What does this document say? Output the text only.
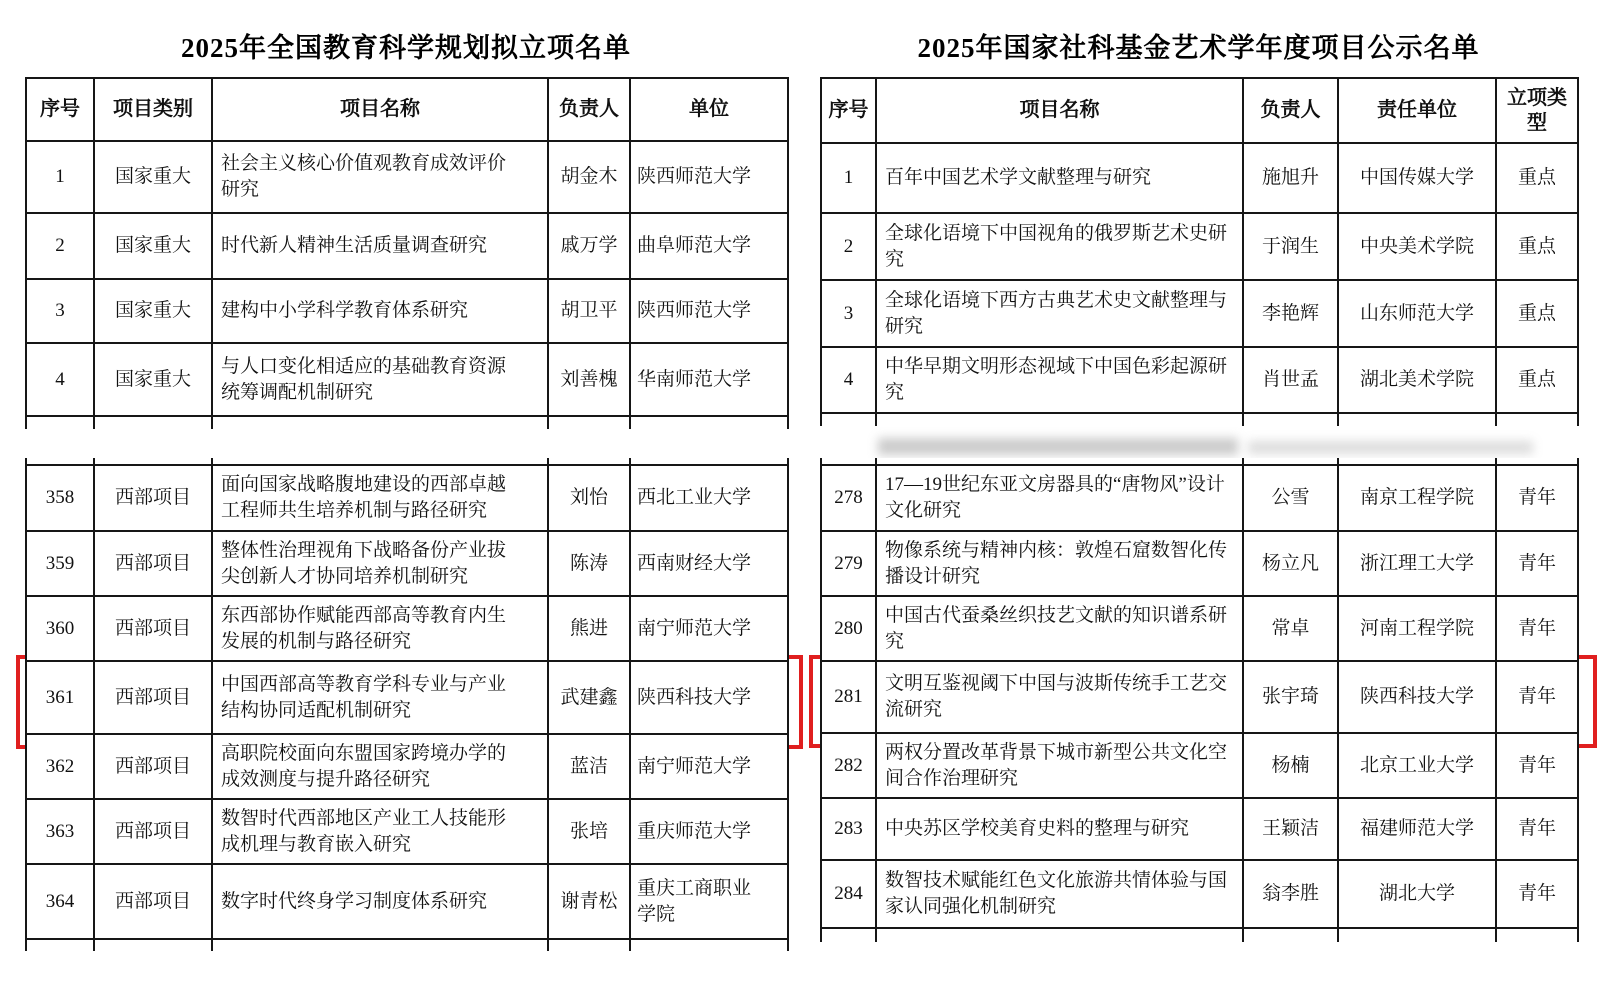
2025年全国教育科学规划拟立项名单	2025年国家社科基金艺术学年度项目公示名单
序号	项目类别	项目名称	负责人	单位
1	国家重大	社会主义核心价值观教育成效评价研究	胡金木	陕西师范大学
2	国家重大	时代新人精神生活质量调查研究	戚万学	曲阜师范大学
3	国家重大	建构中小学科学教育体系研究	胡卫平	陕西师范大学
4	国家重大	与人口变化相适应的基础教育资源统筹调配机制研究	刘善槐	华南师范大学

358	西部项目	面向国家战略腹地建设的西部卓越工程师共生培养机制与路径研究	刘怡	西北工业大学
359	西部项目	整体性治理视角下战略备份产业拔尖创新人才协同培养机制研究	陈涛	西南财经大学
360	西部项目	东西部协作赋能西部高等教育内生发展的机制与路径研究	熊进	南宁师范大学
361	西部项目	中国西部高等教育学科专业与产业结构协同适配机制研究	武建鑫	陕西科技大学
362	西部项目	高职院校面向东盟国家跨境办学的成效测度与提升路径研究	蓝洁	南宁师范大学
363	西部项目	数智时代西部地区产业工人技能形成机理与教育嵌入研究	张培	重庆师范大学
364	西部项目	数字时代终身学习制度体系研究	谢青松	重庆工商职业学院

序号	项目名称	负责人	责任单位	立项类型
1	百年中国艺术学文献整理与研究	施旭升	中国传媒大学	重点
2	全球化语境下中国视角的俄罗斯艺术史研究	于润生	中央美术学院	重点
3	全球化语境下西方古典艺术史文献整理与研究	李艳辉	山东师范大学	重点
4	中华早期文明形态视域下中国色彩起源研究	肖世孟	湖北美术学院	重点

278	17—19世纪东亚文房器具的“唐物风”设计文化研究	公雪	南京工程学院	青年
279	物像系统与精神内核：敦煌石窟数智化传播设计研究	杨立凡	浙江理工大学	青年
280	中国古代蚕桑丝织技艺文献的知识谱系研究	常卓	河南工程学院	青年
281	文明互鉴视阈下中国与波斯传统手工艺交流研究	张宇琦	陕西科技大学	青年
282	两权分置改革背景下城市新型公共文化空间合作治理研究	杨楠	北京工业大学	青年
283	中央苏区学校美育史料的整理与研究	王颖洁	福建师范大学	青年
284	数智技术赋能红色文化旅游共情体验与国家认同强化机制研究	翁李胜	湖北大学	青年
